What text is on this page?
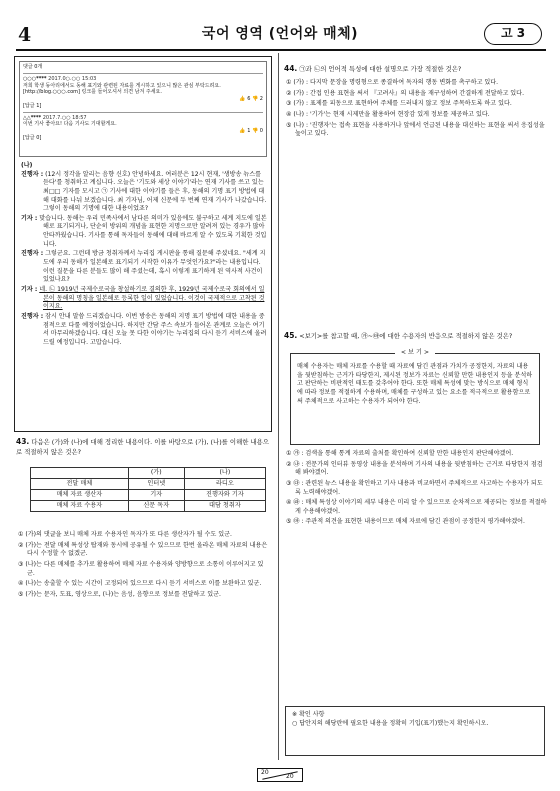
4	국어 영역 (언어와 매체)	고 3
댓글 0개
○○○**** 2017.0○.○○ 15:03
저희 학생 동아리에서도 동해 표기와 관련된 자료를 게시하고 있으니 많은 관심 부탁드려요. [http://blog.○○○.com] 링크를 들어오셔서 의견 남겨 주세요.
👍 6 👎 2
[답글 1]
△△**** 2017.7.○○ 18:57
이번 기사 좋아요! 다음 기사도 기대할게요.
👍 1 👎 0
[답글 0]
(나)
진행자 : (12시 정각을 알리는 음향 신호) 안녕하세요. 여러분은 12시 현재, '생방송 뉴스를 듣다'를 청취하고 계십니다. 오늘은 '기도와 세상 이야기'라는 연재 기사를 쓰고 있는 최□□ 기자를 모시고 ㉠ 기사에 대한 이야기를 들은 후, 동해의 기명 표기 방법에 대해 대화를 나눠 보겠습니다. 최 기자님, 어제 신문에 두 번째 연재 기사가 나갔습니다. 그렇이 동해의 기명에 대한 내용이었죠?
기자 : 맞습니다. 동해는 우리 민족사에서 남다른 의미가 있음에도 불구하고 세계 지도에 일본해로 표기되거나, 단순히 방위의 개념을 표현한 지명으로만 알려져 있는 경우가 많아 안타까웠습니다. 기사를 통해 독자들이 동해에 대해 바르게 알 수 있도록 기획한 것입니다.
진행자 : 그렇군요. 그런데 방금 청취자께서 누리집 게시판을 통해 질문해 주셨네요. "세계 지도에 우리 동해가 일본해로 표기되기 시작한 이유가 무엇인가요?"라는 내용입니다. 이런 질문을 다른 분들도 많이 해 주셨는데, 혹시 이렇게 표기하게 된 역사적 사건이 있었나요?
기자 : 네. ㉡ 1919년 국제수로국을 창설하기로 결의한 후, 1929년 국제수로국 회의에서 일본이 동해의 명칭을 일본해로 등록한 일이 있었습니다. 이것이 국제적으로 고착된 것이지요.
진행자 : 잠시 안내 말씀 드리겠습니다. 이번 방송은 동해의 지명 표기 방법에 대한 내용을 중점적으로 다룰 예정이었습니다. 하지만 간담 주스 속보가 들어온 관계로 오늘은 여기서 마무리하겠습니다. 대신 오늘 못 다한 이야기는 누리집의 다시 듣기 서비스에 올려 드릴 예정입니다. 고맙습니다.
43. 다음은 (가)와 (나)에 대해 정리한 내용이다. 이를 바탕으로 (가), (나)를 이해한 내용으로 적절하지 않은 것은?
	(가)	(나)
전달 매체	인터넷	라디오
매체 자료 생산자	기자	진행자와 기자
매체 자료 수용자	신문 독자	대담 청취자
① (가)의 댓글을 보니 매체 자료 수용자인 독자가 또 다른 생산자가 될 수도 있군.
② (가)는 전달 매체 특성상 탑재와 동시에 공유될 수 있으므로 한번 올라온 매체 자료의 내용은 다시 수정할 수 없겠군.
③ (나)는 다른 매체를 추가로 활용하여 매체 자료 수용자와 양방향으로 소통이 이루어지고 있군.
④ (나)는 송출할 수 있는 시간이 고정되어 있으므로 다시 듣기 서비스로 이를 보완하고 있군.
⑤ (가)는 문자, 도표, 영상으로, (나)는 음성, 음향으로 정보를 전달하고 있군.
44. ㉠과 ㉡의 언어적 특성에 대한 설명으로 가장 적절한 것은?
① (가) : 다지막 문장을 명령형으로 종결하여 독자의 행동 변화를 촉구하고 있다.
② (가) : 간접 인용 표현을 써서 『고려사』의 내용을 재구성하여 간결하게 전달하고 있다.
③ (가) : 표제를 피동으로 표현하여 주체를 드러내지 않고 정보 주목하도록 하고 있다.
④ (나) : '기가'는 현재 시제만을 활용하여 현장감 있게 정보를 제공하고 있다.
⑤ (나) : '진행자'는 접속 표현을 사용하거나 앞에서 언급된 내용을 대신하는 표현을 써서 응집성을 높이고 있다.
45. <보기>를 참고할 때, ㉮~㉲에 대한 수용자의 반응으로 적절하지 않은 것은?
매체 수용자는 매체 자료를 수용할 때 자료에 담긴 관점과 가치가 공정한지, 자료의 내용을 뒷받침하는 근거가 타당한지, 제시된 정보가 자료는 신뢰할 만한 내용인지 등을 분석하고 판단하는 비판적인 태도를 갖추어야 한다. 또한 매체 특성에 맞는 방식으로 매체 형식에 따라 정보를 적절하게 수용하며, 매체를 구성하고 있는 요소를 적극적으로 활용함으로써 주체적으로 사고하는 수용자가 되어야 한다.
< 보 기 >
① ㉮ : 검색을 통해 통계 자료의 출처를 확인하여 신뢰할 만한 내용인지 판단해야겠어.
② ㉯ : 전문가의 인터뷰 동영상 내용을 분석하며 기사의 내용을 뒷받침하는 근거로 타당한지 점검해 봐야겠어.
③ ㉰ : 관련된 뉴스 내용을 확인하고 기사 내용과 비교하면서 주체적으로 사고하는 수용자가 되도록 노력해야겠어.
④ ㉱ : 매체 특성상 이야기의 세부 내용은 미리 알 수 있으므로 순차적으로 제공되는 정보를 적절하게 수용해야겠어.
⑤ ㉲ : 주관적 의견을 표현한 내용이므로 매체 자료에 담긴 관점이 공정한지 평가해야겠어.
※ 확인 사항
○ 답안지의 해당란에 필요한 내용을 정확히 기입(표기)했는지 확인하시오.
20
20
